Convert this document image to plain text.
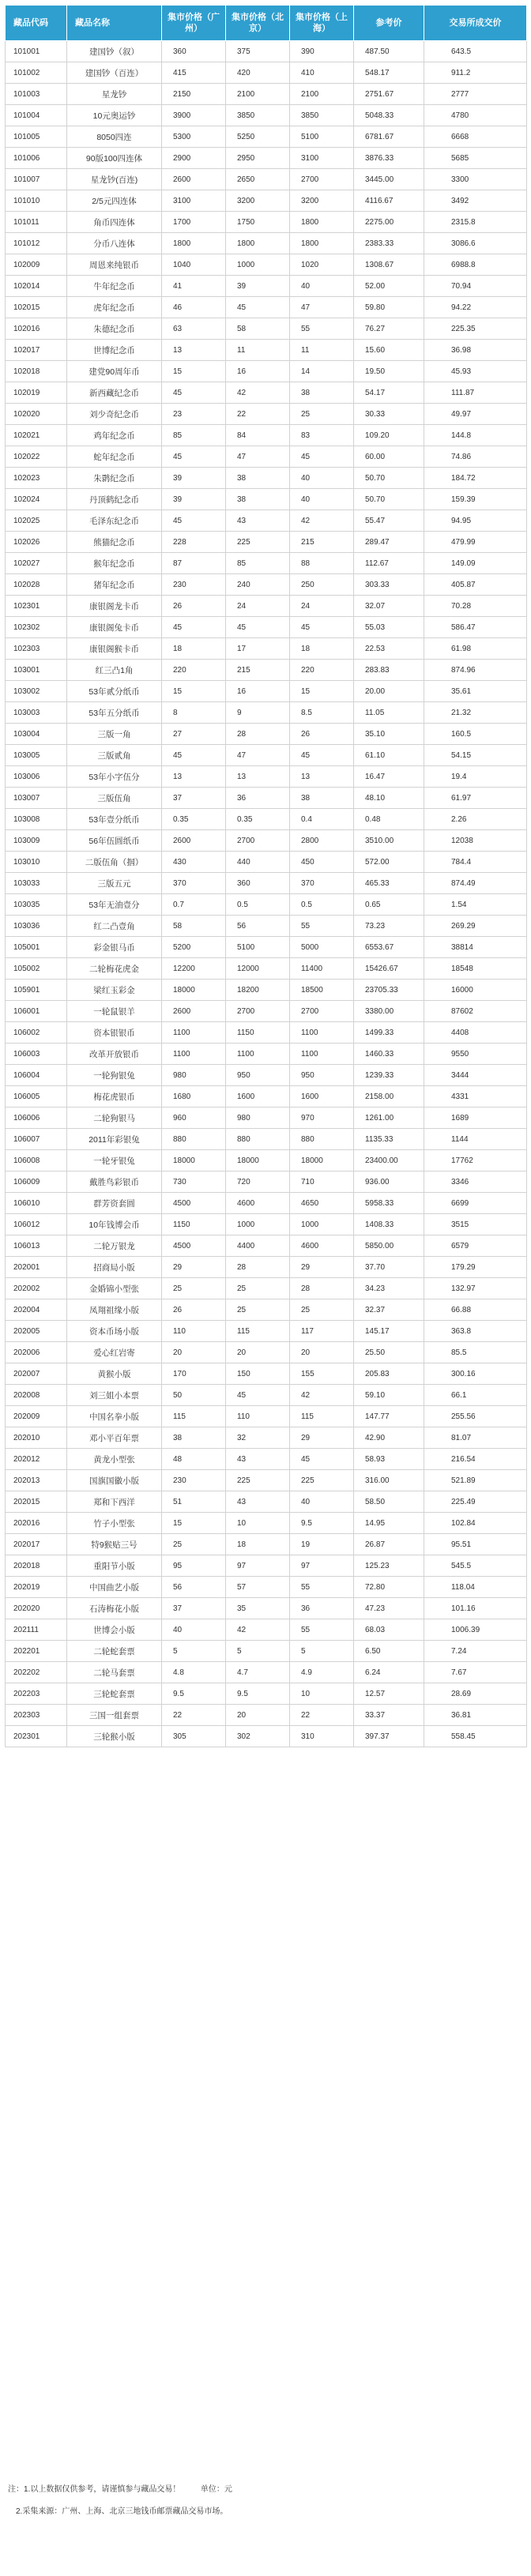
藏品代码	藏品名称	集市价格（广州）	集市价格（北京）	集市价格（上海）	参考价	交易所成交价
101001	建国钞（叙）	360	375	390	487.50	643.5
101002	建国钞（百连）	415	420	410	548.17	911.2
101003	星龙钞	2150	2100	2100	2751.67	2777
101004	10元奥运钞	3900	3850	3850	5048.33	4780
101005	8050四连	5300	5250	5100	6781.67	6668
101006	90版100四连体	2900	2950	3100	3876.33	5685
101007	星龙钞(百连)	2600	2650	2700	3445.00	3300
101010	2/5元四连体	3100	3200	3200	4116.67	3492
101011	角币四连体	1700	1750	1800	2275.00	2315.8
101012	分币八连体	1800	1800	1800	2383.33	3086.6
102009	周恩来纯银币	1040	1000	1020	1308.67	6988.8
102014	牛年纪念币	41	39	40	52.00	70.94
102015	虎年纪念币	46	45	47	59.80	94.22
102016	朱德纪念币	63	58	55	76.27	225.35
102017	世博纪念币	13	11	11	15.60	36.98
102018	建党90周年币	15	16	14	19.50	45.93
102019	新西藏纪念币	45	42	38	54.17	111.87
102020	刘少奇纪念币	23	22	25	30.33	49.97
102021	鸡年纪念币	85	84	83	109.20	144.8
102022	蛇年纪念币	45	47	45	60.00	74.86
102023	朱鹮纪念币	39	38	40	50.70	184.72
102024	丹顶鹤纪念币	39	38	40	50.70	159.39
102025	毛泽东纪念币	45	43	42	55.47	94.95
102026	熊猫纪念币	228	225	215	289.47	479.99
102027	猴年纪念币	87	85	88	112.67	149.09
102028	猪年纪念币	230	240	250	303.33	405.87
102301	康银阁龙卡币	26	24	24	32.07	70.28
102302	康银阁兔卡币	45	45	45	55.03	586.47
102303	康银阁猴卡币	18	17	18	22.53	61.98
103001	红三凸1角	220	215	220	283.83	874.96
103002	53年贰分纸币	15	16	15	20.00	35.61
103003	53年五分纸币	8	9	8.5	11.05	21.32
103004	三版一角	27	28	26	35.10	160.5
103005	三版贰角	45	47	45	61.10	54.15
103006	53年小字伍分	13	13	13	16.47	19.4
103007	三版伍角	37	36	38	48.10	61.97
103008	53年壹分纸币	0.35	0.35	0.4	0.48	2.26
103009	56年伍圆纸币	2600	2700	2800	3510.00	12038
103010	二版伍角（掴）	430	440	450	572.00	784.4
103033	三版五元	370	360	370	465.33	874.49
103035	53年无油壹分	0.7	0.5	0.5	0.65	1.54
103036	红二凸壹角	58	56	55	73.23	269.29
105001	彩金银马币	5200	5100	5000	6553.67	38814
105002	二轮梅花虎金	12200	12000	11400	15426.67	18548
105901	梁红玉彩金	18000	18200	18500	23705.33	16000
106001	一轮鼠银羊	2600	2700	2700	3380.00	87602
106002	资本银银币	1100	1150	1100	1499.33	4408
106003	改革开放银币	1100	1100	1100	1460.33	9550
106004	一轮狗银兔	980	950	950	1239.33	3444
106005	梅花虎银币	1680	1600	1600	2158.00	4331
106006	二轮狗银马	960	980	970	1261.00	1689
106007	2011年彩银兔	880	880	880	1135.33	1144
106008	一轮牙银兔	18000	18000	18000	23400.00	17762
106009	戴胜鸟彩银币	730	720	710	936.00	3346
106010	群芳资套圆	4500	4600	4650	5958.33	6699
106012	10年钱博会币	1150	1000	1000	1408.33	3515
106013	二轮万银龙	4500	4400	4600	5850.00	6579
202001	招商局小版	29	28	29	37.70	179.29
202002	金婚锦小型张	25	25	28	34.23	132.97
202004	凤翔祖缘小版	26	25	25	32.37	66.88
202005	资本币场小版	110	115	117	145.17	363.8
202006	爱心红岩寄	20	20	20	25.50	85.5
202007	黄猴小版	170	150	155	205.83	300.16
202008	刘三姐小本票	50	45	42	59.10	66.1
202009	中国名拳小版	115	110	115	147.77	255.56
202010	邓小平百年票	38	32	29	42.90	81.07
202012	黄龙小型张	48	43	45	58.93	216.54
202013	国旗国徽小版	230	225	225	316.00	521.89
202015	郑和下西洋	51	43	40	58.50	225.49
202016	竹子小型张	15	10	9.5	14.95	102.84
202017	特9猴贴三号	25	18	19	26.87	95.51
202018	重阳节小版	95	97	97	125.23	545.5
202019	中国曲艺小版	56	57	55	72.80	118.04
202020	石涛梅花小版	37	35	36	47.23	101.16
202111	世博会小版	40	42	55	68.03	1006.39
202201	二轮蛇套票	5	5	5	6.50	7.24
202202	二轮马套票	4.8	4.7	4.9	6.24	7.67
202203	三轮蛇套票	9.5	9.5	10	12.57	28.69
202303	三国一组套票	22	20	22	33.37	36.81
202301	三轮猴小版	305	302	310	397.37	558.45
注：1.以上数据仅供参考，请谨慎参与藏品交易！	单位：元
2.采集来源：广州、上海、北京三地钱币邮票藏品交易市场。
